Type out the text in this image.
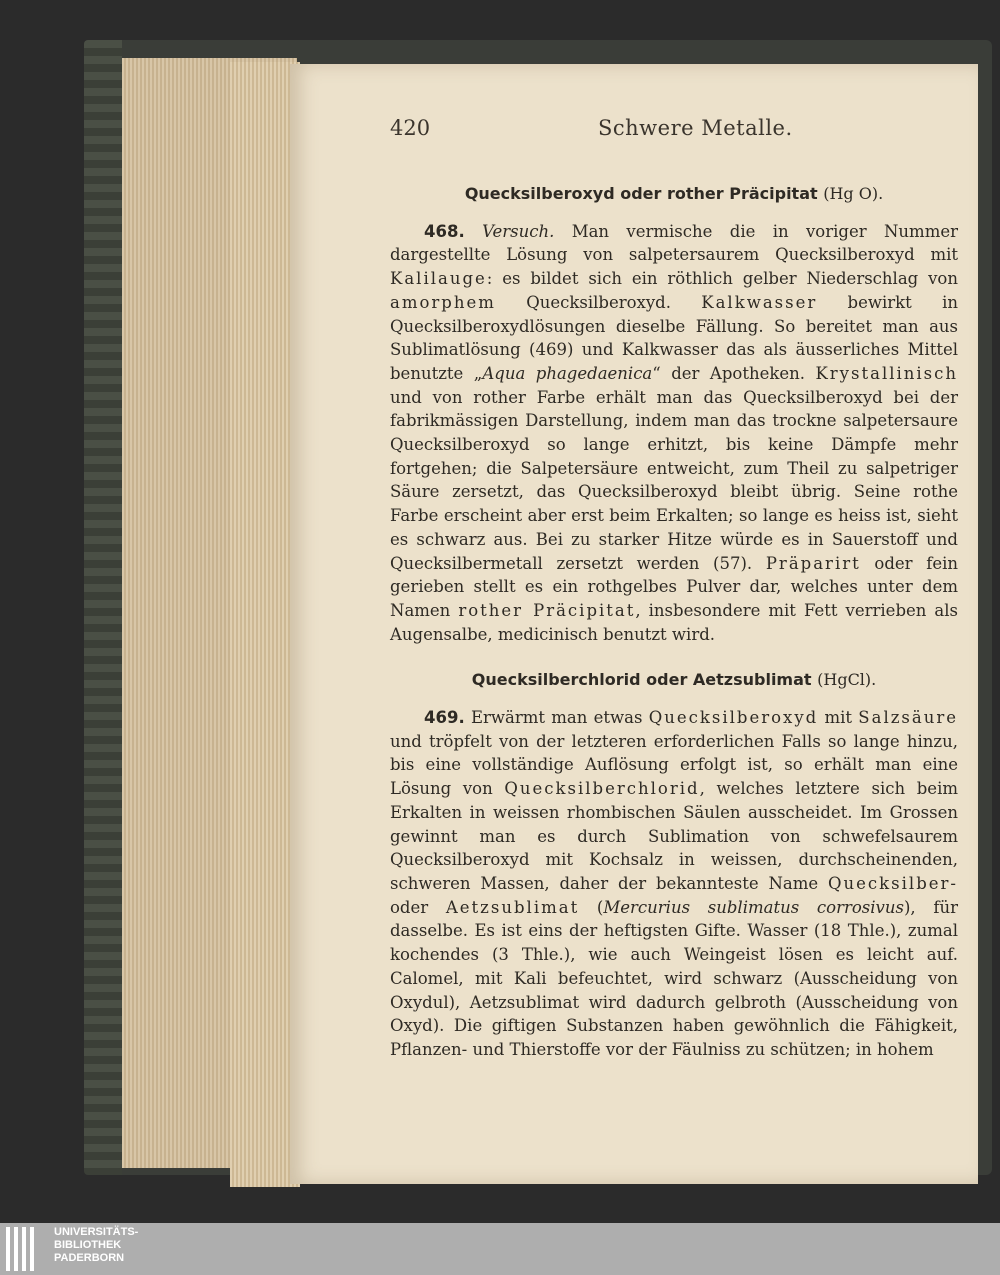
420	Schwere Metalle.
Quecksilberoxyd oder rother Präcipitat (Hg O).

468. Versuch. Man vermische die in voriger Nummer dargestellte Lösung von salpetersaurem Quecksilberoxyd mit Kalilauge: es bildet sich ein röthlich gelber Niederschlag von amorphem Quecksilberoxyd. Kalkwasser bewirkt in Quecksilberoxydlösungen dieselbe Fällung. So bereitet man aus Sublimatlösung (469) und Kalkwasser das als äusserliches Mittel benutzte „Aqua phagedaenica“ der Apotheken. Krystallinisch und von rother Farbe erhält man das Quecksilberoxyd bei der fabrikmässigen Darstellung, indem man das trockne salpetersaure Quecksilberoxyd so lange erhitzt, bis keine Dämpfe mehr fortgehen; die Salpetersäure entweicht, zum Theil zu salpetriger Säure zersetzt, das Quecksilberoxyd bleibt übrig. Seine rothe Farbe erscheint aber erst beim Erkalten; so lange es heiss ist, sieht es schwarz aus. Bei zu starker Hitze würde es in Sauerstoff und Quecksilbermetall zersetzt werden (57). Präparirt oder fein gerieben stellt es ein rothgelbes Pulver dar, welches unter dem Namen rother Präcipitat, insbesondere mit Fett verrieben als Augensalbe, medicinisch benutzt wird.

Quecksilberchlorid oder Aetzsublimat (HgCl).

469. Erwärmt man etwas Quecksilberoxyd mit Salzsäure und tröpfelt von der letzteren erforderlichen Falls so lange hinzu, bis eine vollständige Auflösung erfolgt ist, so erhält man eine Lösung von Quecksilberchlorid, welches letztere sich beim Erkalten in weissen rhombischen Säulen ausscheidet. Im Grossen gewinnt man es durch Sublimation von schwefelsaurem Quecksilberoxyd mit Kochsalz in weissen, durchscheinenden, schweren Massen, daher der bekannteste Name Quecksilber- oder Aetzsublimat (Mercurius sublimatus corrosivus), für dasselbe. Es ist eins der heftigsten Gifte. Wasser (18 Thle.), zumal kochendes (3 Thle.), wie auch Weingeist lösen es leicht auf. Calomel, mit Kali befeuchtet, wird schwarz (Ausscheidung von Oxydul), Aetzsublimat wird dadurch gelbroth (Ausscheidung von Oxyd). Die giftigen Substanzen haben gewöhnlich die Fähigkeit, Pflanzen- und Thierstoffe vor der Fäulniss zu schützen; in hohem

UNIVERSITÄTS-
BIBLIOTHEK
PADERBORN
